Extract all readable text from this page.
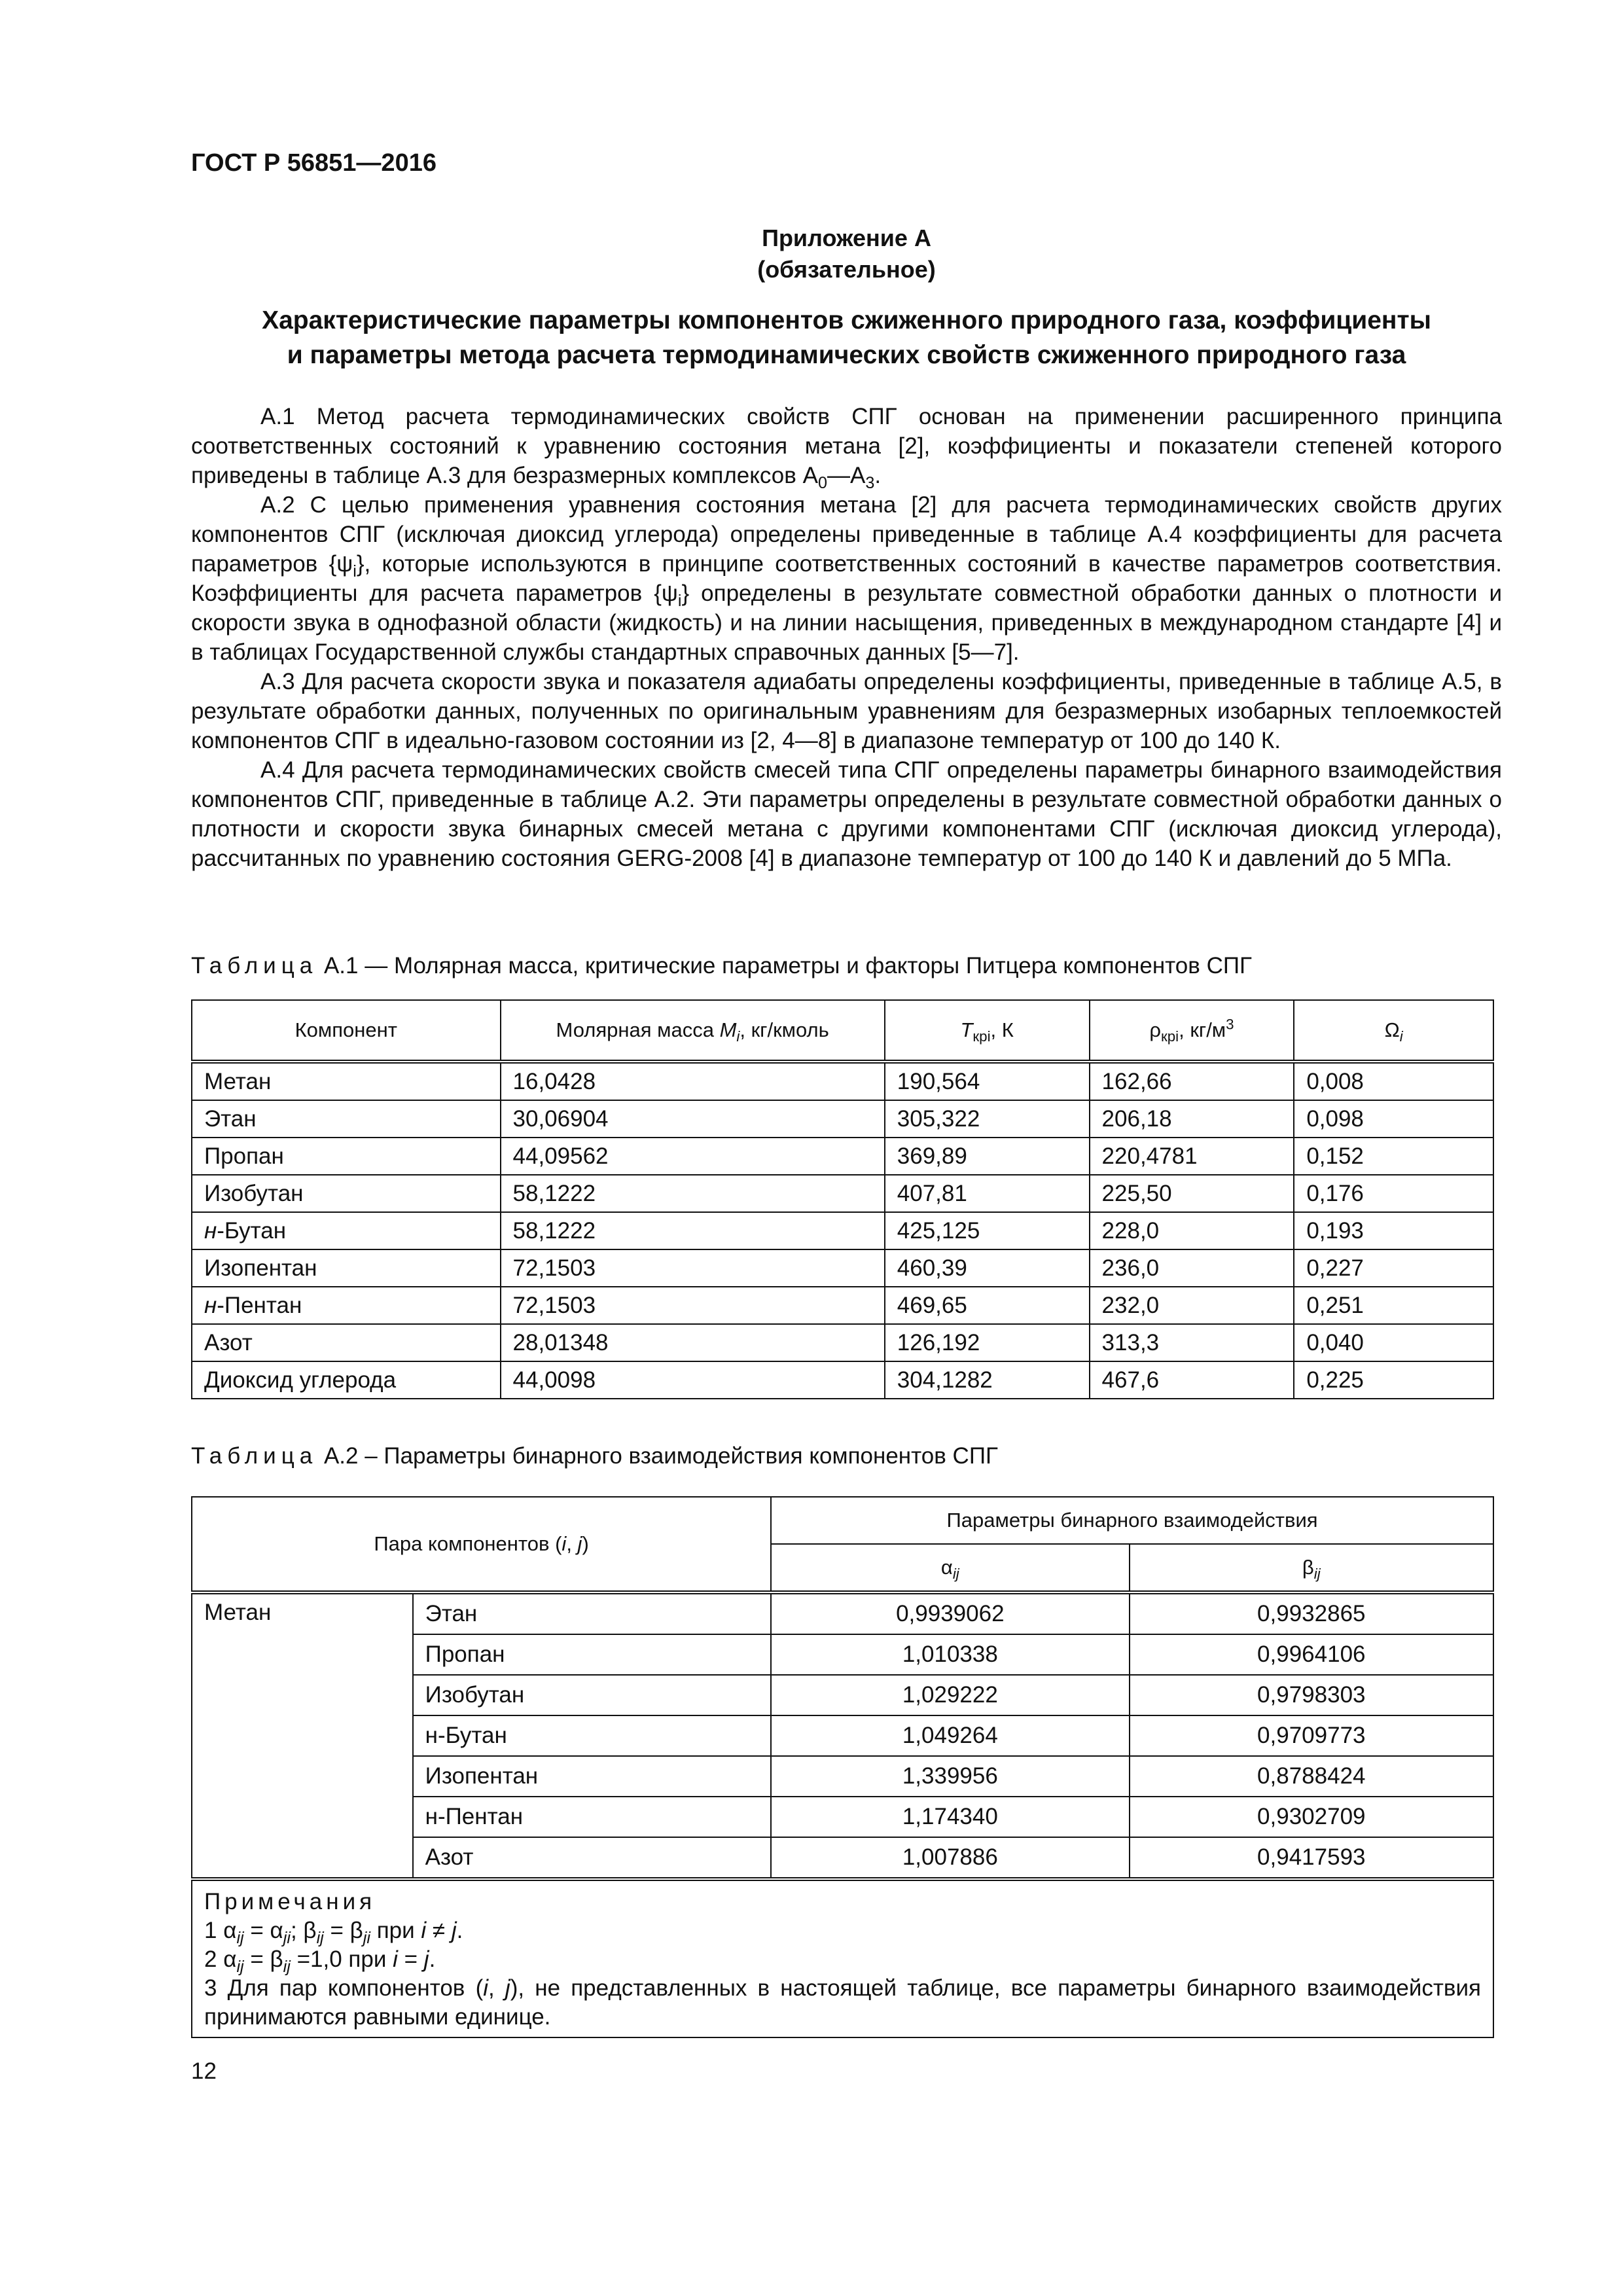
ГОСТ Р 56851—2016
Приложение А
(обязательное)
Характеристические параметры компонентов сжиженного природного газа, коэффициенты
и параметры метода расчета термодинамических свойств сжиженного природного газа

А.1 Метод расчета термодинамических свойств СПГ основан на применении расширенного принципа соответственных состояний к уравнению состояния метана [2], коэффициенты и показатели степеней которого приведены в таблице А.3 для безразмерных комплексов $А_0—А_3$.

А.2 С целью применения уравнения состояния метана [2] для расчета термодинамических свойств других компонентов СПГ (исключая диоксид углерода) определены приведенные в таблице А.4 коэффициенты для расчета параметров $\{\psi_i\}$, которые используются в принципе соответственных состояний в качестве параметров соответствия. Коэффициенты для расчета параметров $\{\psi_i\}$ определены в результате совместной обработки данных о плотности и скорости звука в однофазной области (жидкость) и на линии насыщения, приведенных в международном стандарте [4] и в таблицах Государственной службы стандартных справочных данных [5—7].

А.3 Для расчета скорости звука и показателя адиабаты определены коэффициенты, приведенные в таблице А.5, в результате обработки данных, полученных по оригинальным уравнениям для безразмерных изобарных теплоемкостей компонентов СПГ в идеально-газовом состоянии из [2, 4—8] в диапазоне температур от 100 до 140 К.

А.4 Для расчета термодинамических свойств смесей типа СПГ определены параметры бинарного взаимодействия компонентов СПГ, приведенные в таблице А.2. Эти параметры определены в результате совместной обработки данных о плотности и скорости звука бинарных смесей метана с другими компонентами СПГ (исключая диоксид углерода), рассчитанных по уравнению состояния GERG-2008 [4] в диапазоне температур от 100 до 140 К и давлений до 5 МПа.

Таблица А.1 — Молярная масса, критические параметры и факторы Питцера компонентов СПГ
Компонент	Молярная масса $M_i$, кг/кмоль	$T_{крi}$, К	$\rho_{крi}$, $кг/м^3$	$\Omega_i$
Метан	16,0428	190,564	162,66	0,008
Этан	30,06904	305,322	206,18	0,098
Пропан	44,09562	369,89	220,4781	0,152
Изобутан	58,1222	407,81	225,50	0,176
н-Бутан	58,1222	425,125	228,0	0,193
Изопентан	72,1503	460,39	236,0	0,227
н-Пентан	72,1503	469,65	232,0	0,251
Азот	28,01348	126,192	313,3	0,040
Диоксид углерода	44,0098	304,1282	467,6	0,225
Таблица А.2 – Параметры бинарного взаимодействия компонентов СПГ
Пара компонентов (i, j)		Параметры бинарного взаимодействия	
		$\alpha_{ij}$	$\beta_{ij}$
Метан	Этан	0,9939062	0,9932865
	Пропан	1,010338	0,9964106
	Изобутан	1,029222	0,9798303
	н-Бутан	1,049264	0,9709773
	Изопентан	1,339956	0,8788424
	н-Пентан	1,174340	0,9302709
	Азот	1,007886	0,9417593

Примечания
1 $\alpha_{ij} = \alpha_{ji}$; $\beta_{ij} = \beta_{ji}$ при i ≠ j.
2 $\alpha_{ij} = \beta_{ij} =1,0$ при i = j.
3 Для пар компонентов (i, j), не представленных в настоящей таблице, все параметры бинарного взаимодействия принимаются равными единице.			
12
